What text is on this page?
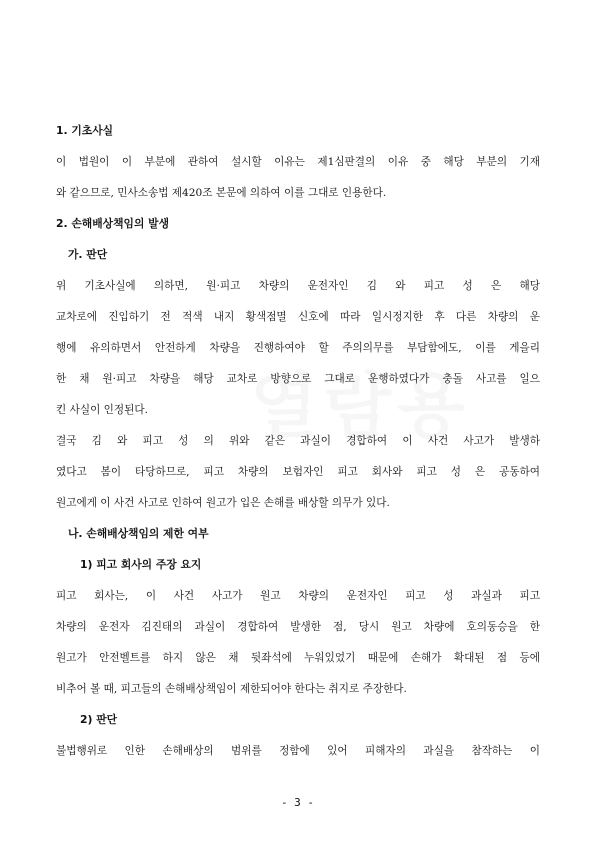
1. 기초사실
이 법원이 이 부분에 관하여 설시할 이유는 제1심판결의 이유 중 해당 부분의 기재
와 같으므로, 민사소송법 제420조 본문에 의하여 이를 그대로 인용한다.
2. 손해배상책임의 발생
가. 판단
위 기초사실에 의하면, 원·피고 차량의 운전자인 김 와 피고 성 은 해당
교차로에 진입하기 전 적색 내지 황색점멸 신호에 따라 일시정지한 후 다른 차량의 운
행에 유의하면서 안전하게 차량을 진행하여야 할 주의의무를 부담함에도, 이를 게을리
한 채 원·피고 차량을 해당 교차로 방향으로 그대로 운행하였다가 충돌 사고를 일으
킨 사실이 인정된다.
결국 김 와 피고 성 의 위와 같은 과실이 경합하여 이 사건 사고가 발생하
였다고 봄이 타당하므로, 피고 차량의 보험자인 피고 회사와 피고 성 은 공동하여
원고에게 이 사건 사고로 인하여 원고가 입은 손해를 배상할 의무가 있다.
나. 손해배상책임의 제한 여부
1) 피고 회사의 주장 요지
피고 회사는, 이 사건 사고가 원고 차량의 운전자인 피고 성 과실과 피고
차량의 운전자 김진태의 과실이 경합하여 발생한 점, 당시 원고 차량에 호의동승을 한
원고가 안전벨트를 하지 않은 채 뒷좌석에 누워있었기 때문에 손해가 확대된 점 등에
비추어 볼 때, 피고들의 손해배상책임이 제한되어야 한다는 취지로 주장한다.
2) 판단
불법행위로 인한 손해배상의 범위를 정함에 있어 피해자의 과실을 참작하는 이
- 3 -
